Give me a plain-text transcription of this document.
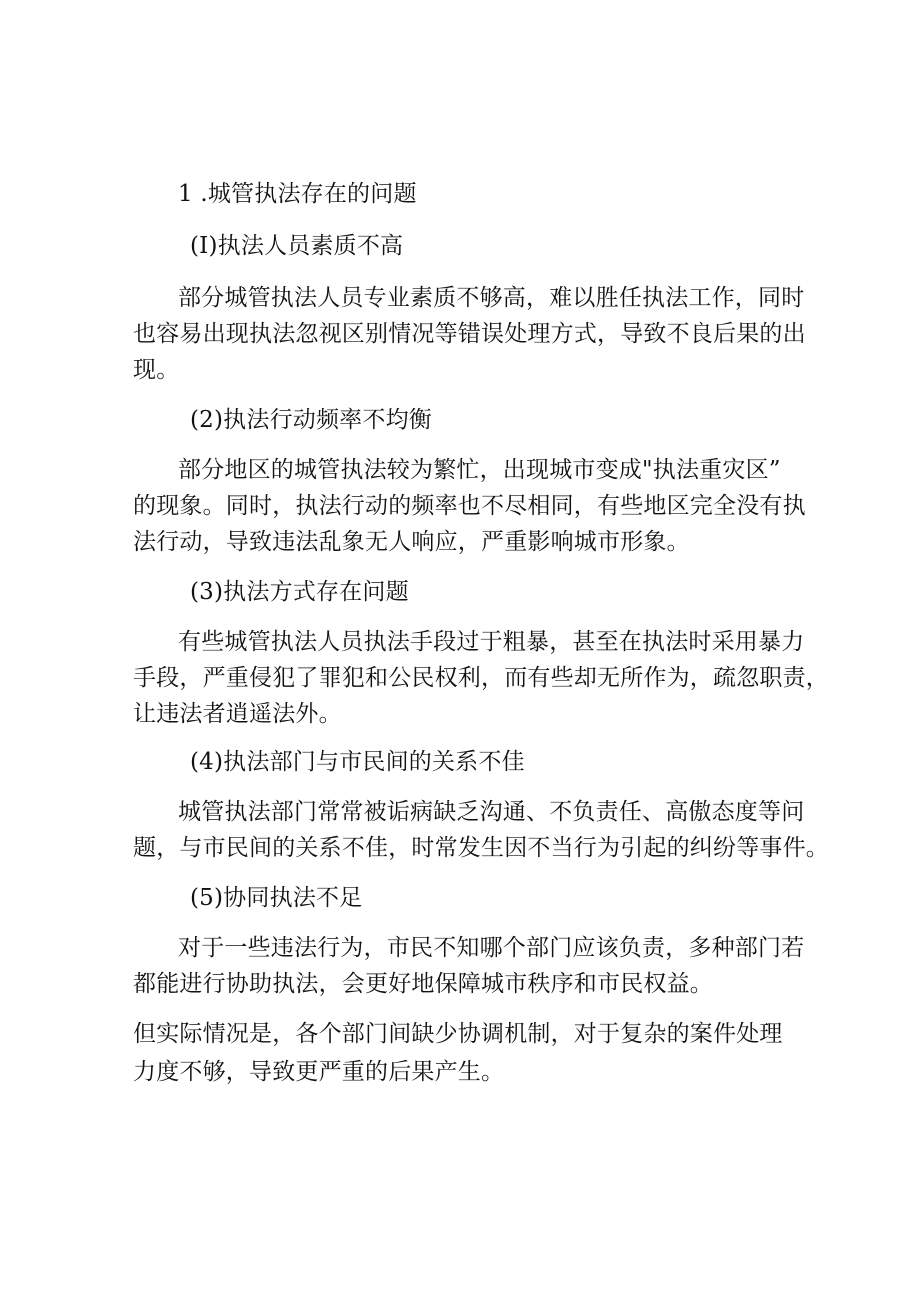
1 .城管执法存在的问题
(I)执法人员素质不高
部分城管执法人员专业素质不够高，难以胜任执法工作，同时
也容易出现执法忽视区别情况等错误处理方式，导致不良后果的出
现。
(2)执法行动频率不均衡
部分地区的城管执法较为繁忙，出现城市变成"执法重灾区”
的现象。同时，执法行动的频率也不尽相同，有些地区完全没有执
法行动，导致违法乱象无人响应，严重影响城市形象。
(3)执法方式存在问题
有些城管执法人员执法手段过于粗暴，甚至在执法时采用暴力
手段，严重侵犯了罪犯和公民权利，而有些却无所作为，疏忽职责，
让违法者逍遥法外。
(4)执法部门与市民间的关系不佳
城管执法部门常常被诟病缺乏沟通、不负责任、高傲态度等问
题，与市民间的关系不佳，时常发生因不当行为引起的纠纷等事件。
(5)协同执法不足
对于一些违法行为，市民不知哪个部门应该负责，多种部门若
都能进行协助执法，会更好地保障城市秩序和市民权益。
但实际情况是，各个部门间缺少协调机制，对于复杂的案件处理
力度不够，导致更严重的后果产生。
